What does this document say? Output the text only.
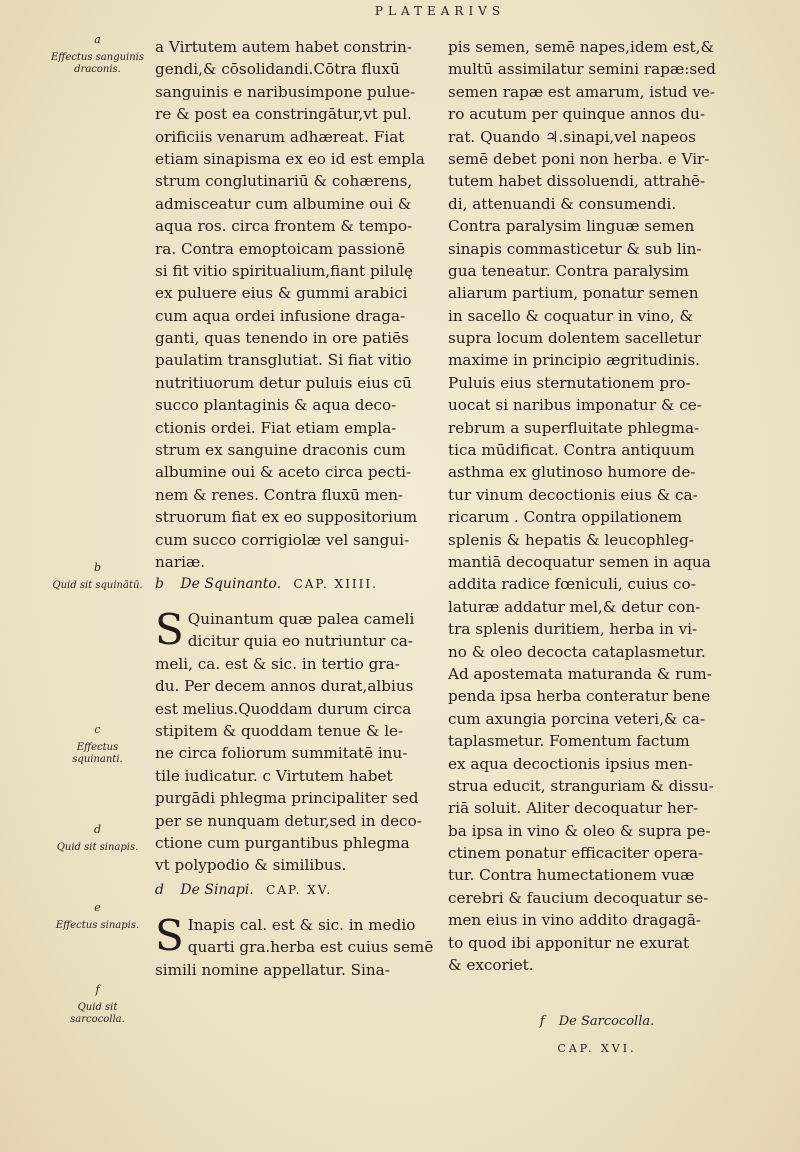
PLATEARIVS
a
Effectus sanguinis draconis.
b
Quid sit squinātū.
c
Effectus squinanti.
d
Quid sit sinapis.
e
Effectus sinapis.
f
Quid sit sarcocolla.
a Virtutem autem habet constrin-
gendi,& cōsolidandi.Cōtra fluxū
sanguinis e naribusimpone pulue-
re & post ea constringātur,vt pul.
orificiis venarum adhæreat. Fiat
etiam sinapisma ex eo id est empla
strum conglutinariū & cohærens,
admisceatur cum albumine oui &
aqua ros. circa frontem & tempo-
ra. Contra emoptoicam passionē
si fit vitio spiritualium,fiant pilulę
ex puluere eius & gummi arabici
cum aqua ordei infusione draga-
ganti, quas tenendo in ore patiēs
paulatim transglutiat. Si fiat vitio
nutritiuorum detur puluis eius cū
succo plantaginis & aqua deco-
ctionis ordei. Fiat etiam empla-
strum ex sanguine draconis cum
albumine oui & aceto circa pecti-
nem & renes. Contra fluxū men-
struorum fiat ex eo suppositorium
cum succo corrigiolæ vel sangui-
nariæ.
b De Squinanto. CAP. XIIII.
S Quinantum quæ palea cameli
dicitur quia eo nutriuntur ca-
meli, ca. est & sic. in tertio gra-
du. Per decem annos durat,albius
est melius.Quoddam durum circa
stipitem & quoddam tenue & le-
ne circa foliorum summitatē inu-
tile iudicatur. c Virtutem habet
purgādi phlegma principaliter sed
per se nunquam detur,sed in deco-
ctione cum purgantibus phlegma
vt polypodio & similibus.
d De Sinapi. CAP. XV.
S Inapis cal. est & sic. in medio
quarti gra.herba est cuius semē
simili nomine appellatur. Sina-
pis semen, semē napes,idem est,&
multū assimilatur semini rapæ:sed
semen rapæ est amarum, istud ve-
ro acutum per quinque annos du-
rat. Quando ♃.sinapi,vel napeos
semē debet poni non herba. e Vir-
tutem habet dissoluendi, attrahē-
di, attenuandi & consumendi.
Contra paralysim linguæ semen
sinapis commasticetur & sub lin-
gua teneatur. Contra paralysim
aliarum partium, ponatur semen
in sacello & coquatur in vino, &
supra locum dolentem sacelletur
maxime in principio ægritudinis.
Puluis eius sternutationem pro-
uocat si naribus imponatur & ce-
rebrum a superfluitate phlegma-
tica mūdificat. Contra antiquum
asthma ex glutinoso humore de-
tur vinum decoctionis eius & ca-
ricarum . Contra oppilationem
splenis & hepatis & leucophleg-
mantiā decoquatur semen in aqua
addita radice fœniculi, cuius co-
laturæ addatur mel,& detur con-
tra splenis duritiem, herba in vi-
no & oleo decocta cataplasmetur.
Ad apostemata maturanda & rum-
penda ipsa herba conteratur bene
cum axungia porcina veteri,& ca-
taplasmetur. Fomentum factum
ex aqua decoctionis ipsius men-
strua educit, stranguriam & dissu-
riā soluit. Aliter decoquatur her-
ba ipsa in vino & oleo & supra pe-
ctinem ponatur efficaciter opera-
tur. Contra humectationem vuæ
cerebri & faucium decoquatur se-
men eius in vino addito dragagā-
to quod ibi apponitur ne exurat
& excoriet.
f De Sarcocolla.
CAP. XVI.
